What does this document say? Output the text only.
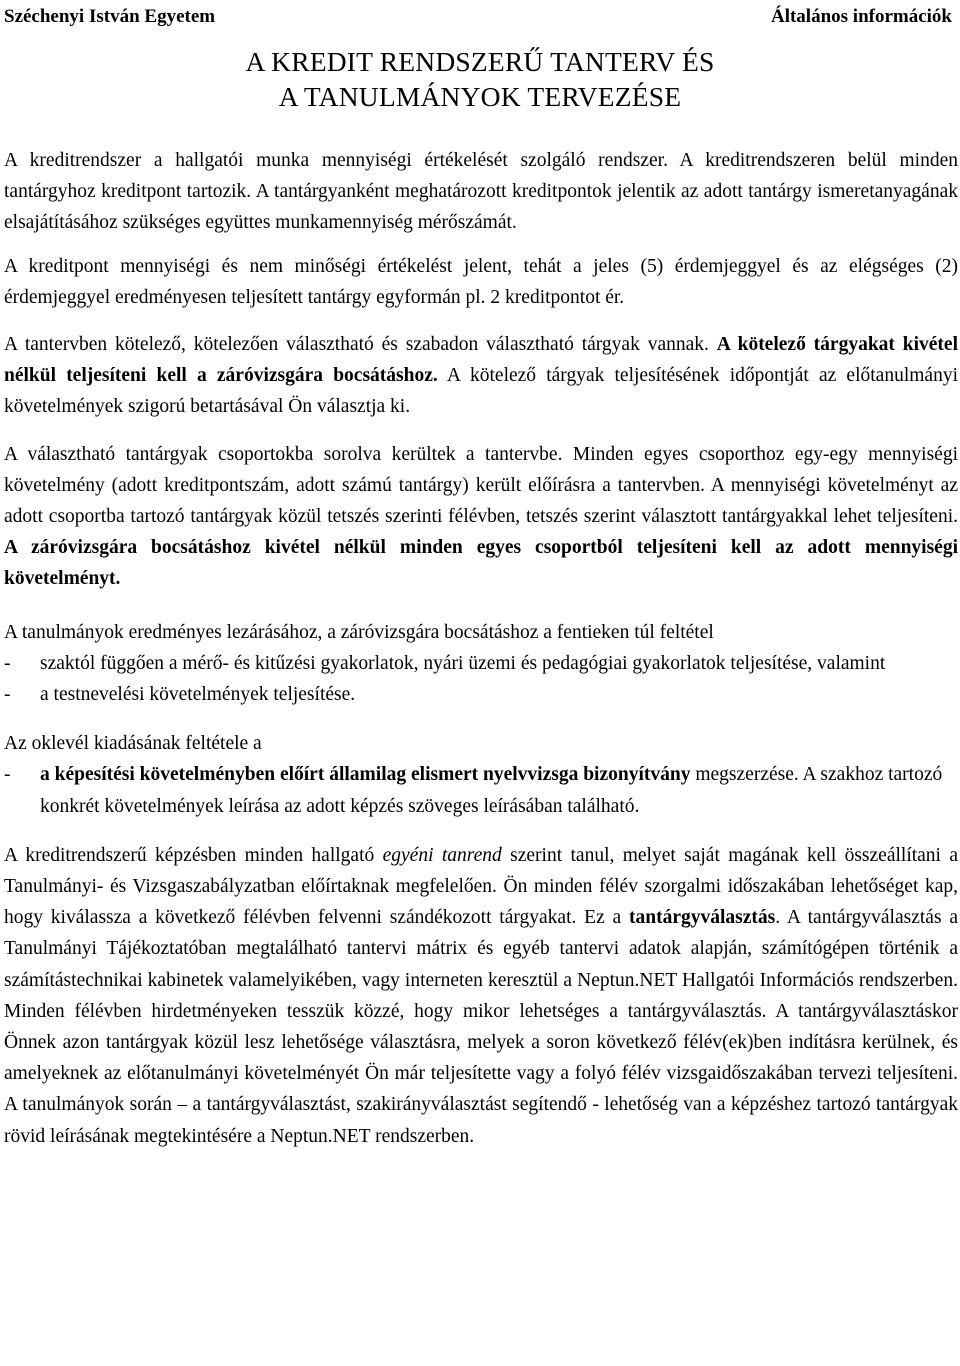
Széchenyi István Egyetem	Általános információk
A KREDIT RENDSZERŰ TANTERV ÉS
A TANULMÁNYOK TERVEZÉSE

A kreditrendszer a hallgatói munka mennyiségi értékelését szolgáló rendszer. A kreditrendszeren belül minden tantárgyhoz kreditpont tartozik. A tantárgyanként meghatározott kreditpontok jelentik az adott tantárgy ismeretanyagának elsajátításához szükséges együttes munkamennyiség mérőszámát.

A kreditpont mennyiségi és nem minőségi értékelést jelent, tehát a jeles (5) érdemjeggyel és az elégséges (2) érdemjeggyel eredményesen teljesített tantárgy egyformán pl. 2 kreditpontot ér.

A tantervben kötelező, kötelezően választható és szabadon választható tárgyak vannak. A kötelező tárgyakat kivétel nélkül teljesíteni kell a záróvizsgára bocsátáshoz. A kötelező tárgyak teljesítésének időpontját az előtanulmányi követelmények szigorú betartásával Ön választja ki.

A választható tantárgyak csoportokba sorolva kerültek a tantervbe. Minden egyes csoporthoz egy-egy mennyiségi követelmény (adott kreditpontszám, adott számú tantárgy) került előírásra a tantervben. A mennyiségi követelményt az adott csoportba tartozó tantárgyak közül tetszés szerinti félévben, tetszés szerint választott tantárgyakkal lehet teljesíteni. A záróvizsgára bocsátáshoz kivétel nélkül minden egyes csoportból teljesíteni kell az adott mennyiségi követelményt.

A tanulmányok eredményes lezárásához, a záróvizsgára bocsátáshoz a fentieken túl feltétel

-	szaktól függően a mérő- és kitűzési gyakorlatok, nyári üzemi és pedagógiai gyakorlatok teljesítése, valamint
-	a testnevelési követelmények teljesítése.

Az oklevél kiadásának feltétele a

-	a képesítési követelményben előírt államilag elismert nyelvvizsga bizonyítvány megszerzése. A szakhoz tartozó konkrét követelmények leírása az adott képzés szöveges leírásában található.

A kreditrendszerű képzésben minden hallgató egyéni tanrend szerint tanul, melyet saját magának kell összeállítani a Tanulmányi- és Vizsgaszabályzatban előírtaknak megfelelően. Ön minden félév szorgalmi időszakában lehetőséget kap, hogy kiválassza a következő félévben felvenni szándékozott tárgyakat. Ez a tantárgyválasztás. A tantárgyválasztás a Tanulmányi Tájékoztatóban megtalálható tantervi mátrix és egyéb tantervi adatok alapján, számítógépen történik a számítástechnikai kabinetek valamelyikében, vagy interneten keresztül a Neptun.NET Hallgatói Információs rendszerben. Minden félévben hirdetményeken tesszük közzé, hogy mikor lehetséges a tantárgyválasztás. A tantárgyválasztáskor Önnek azon tantárgyak közül lesz lehetősége választásra, melyek a soron következő félév(ek)ben indításra kerülnek, és amelyeknek az előtanulmányi követelményét Ön már teljesítette vagy a folyó félév vizsgaidőszakában tervezi teljesíteni. A tanulmányok során – a tantárgyválasztást, szakirányválasztást segítendő - lehetőség van a képzéshez tartozó tantárgyak rövid leírásának megtekintésére a Neptun.NET rendszerben.
